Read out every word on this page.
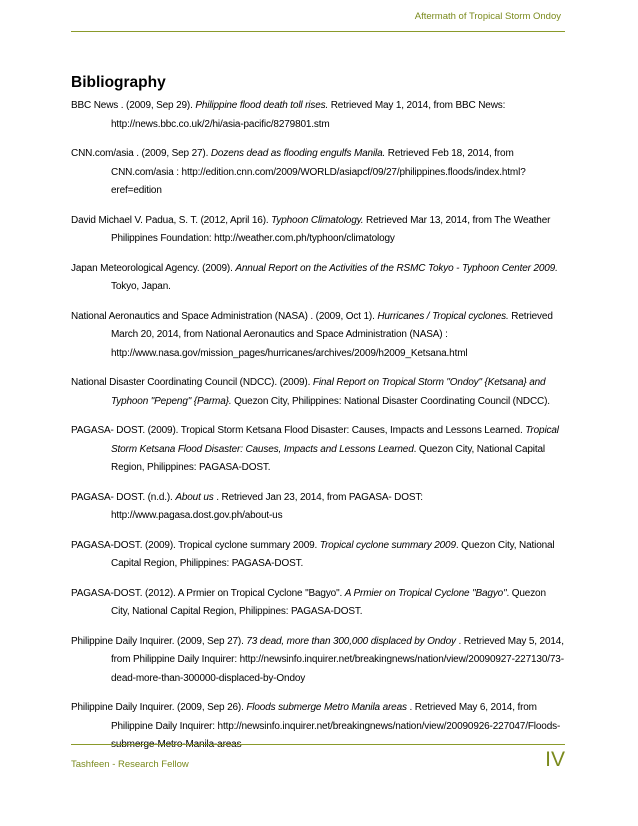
Aftermath of Tropical Storm Ondoy
Bibliography

BBC News . (2009, Sep 29). Philippine flood death toll rises. Retrieved May 1, 2014, from BBC News: http://news.bbc.co.uk/2/hi/asia-pacific/8279801.stm

CNN.com/asia . (2009, Sep 27). Dozens dead as flooding engulfs Manila. Retrieved Feb 18, 2014, from CNN.com/asia : http://edition.cnn.com/2009/WORLD/asiapcf/09/27/philippines.floods/index.html?eref=edition

David Michael V. Padua, S. T. (2012, April 16). Typhoon Climatology. Retrieved Mar 13, 2014, from The Weather Philippines Foundation: http://weather.com.ph/typhoon/climatology

Japan Meteorological Agency. (2009). Annual Report on the Activities of the RSMC Tokyo - Typhoon Center 2009. Tokyo, Japan.

National Aeronautics and Space Administration (NASA) . (2009, Oct 1). Hurricanes / Tropical cyclones. Retrieved March 20, 2014, from National Aeronautics and Space Administration (NASA) : http://www.nasa.gov/mission_pages/hurricanes/archives/2009/h2009_Ketsana.html

National Disaster Coordinating Council (NDCC). (2009). Final Report on Tropical Storm "Ondoy" {Ketsana} and Typhoon "Pepeng" {Parma}. Quezon City, Philippines: National Disaster Coordinating Council (NDCC).

PAGASA- DOST. (2009). Tropical Storm Ketsana Flood Disaster: Causes, Impacts and Lessons Learned. Tropical Storm Ketsana Flood Disaster: Causes, Impacts and Lessons Learned. Quezon City, National Capital Region, Philippines: PAGASA-DOST.

PAGASA- DOST. (n.d.). About us . Retrieved Jan 23, 2014, from PAGASA- DOST: http://www.pagasa.dost.gov.ph/about-us

PAGASA-DOST. (2009). Tropical cyclone summary 2009. Tropical cyclone summary 2009. Quezon City, National Capital Region, Philippines: PAGASA-DOST.

PAGASA-DOST. (2012). A Prmier on Tropical Cyclone "Bagyo". A Prmier on Tropical Cyclone "Bagyo". Quezon City, National Capital Region, Philippines: PAGASA-DOST.

Philippine Daily Inquirer. (2009, Sep 27). 73 dead, more than 300,000 displaced by Ondoy . Retrieved May 5, 2014, from Philippine Daily Inquirer: http://newsinfo.inquirer.net/breakingnews/nation/view/20090927-227130/73-dead-more-than-300000-displaced-by-Ondoy

Philippine Daily Inquirer. (2009, Sep 26). Floods submerge Metro Manila areas . Retrieved May 6, 2014, from Philippine Daily Inquirer: http://newsinfo.inquirer.net/breakingnews/nation/view/20090926-227047/Floods-submerge-Metro-Manila-areas

Tashfeen - Research Fellow	IV
